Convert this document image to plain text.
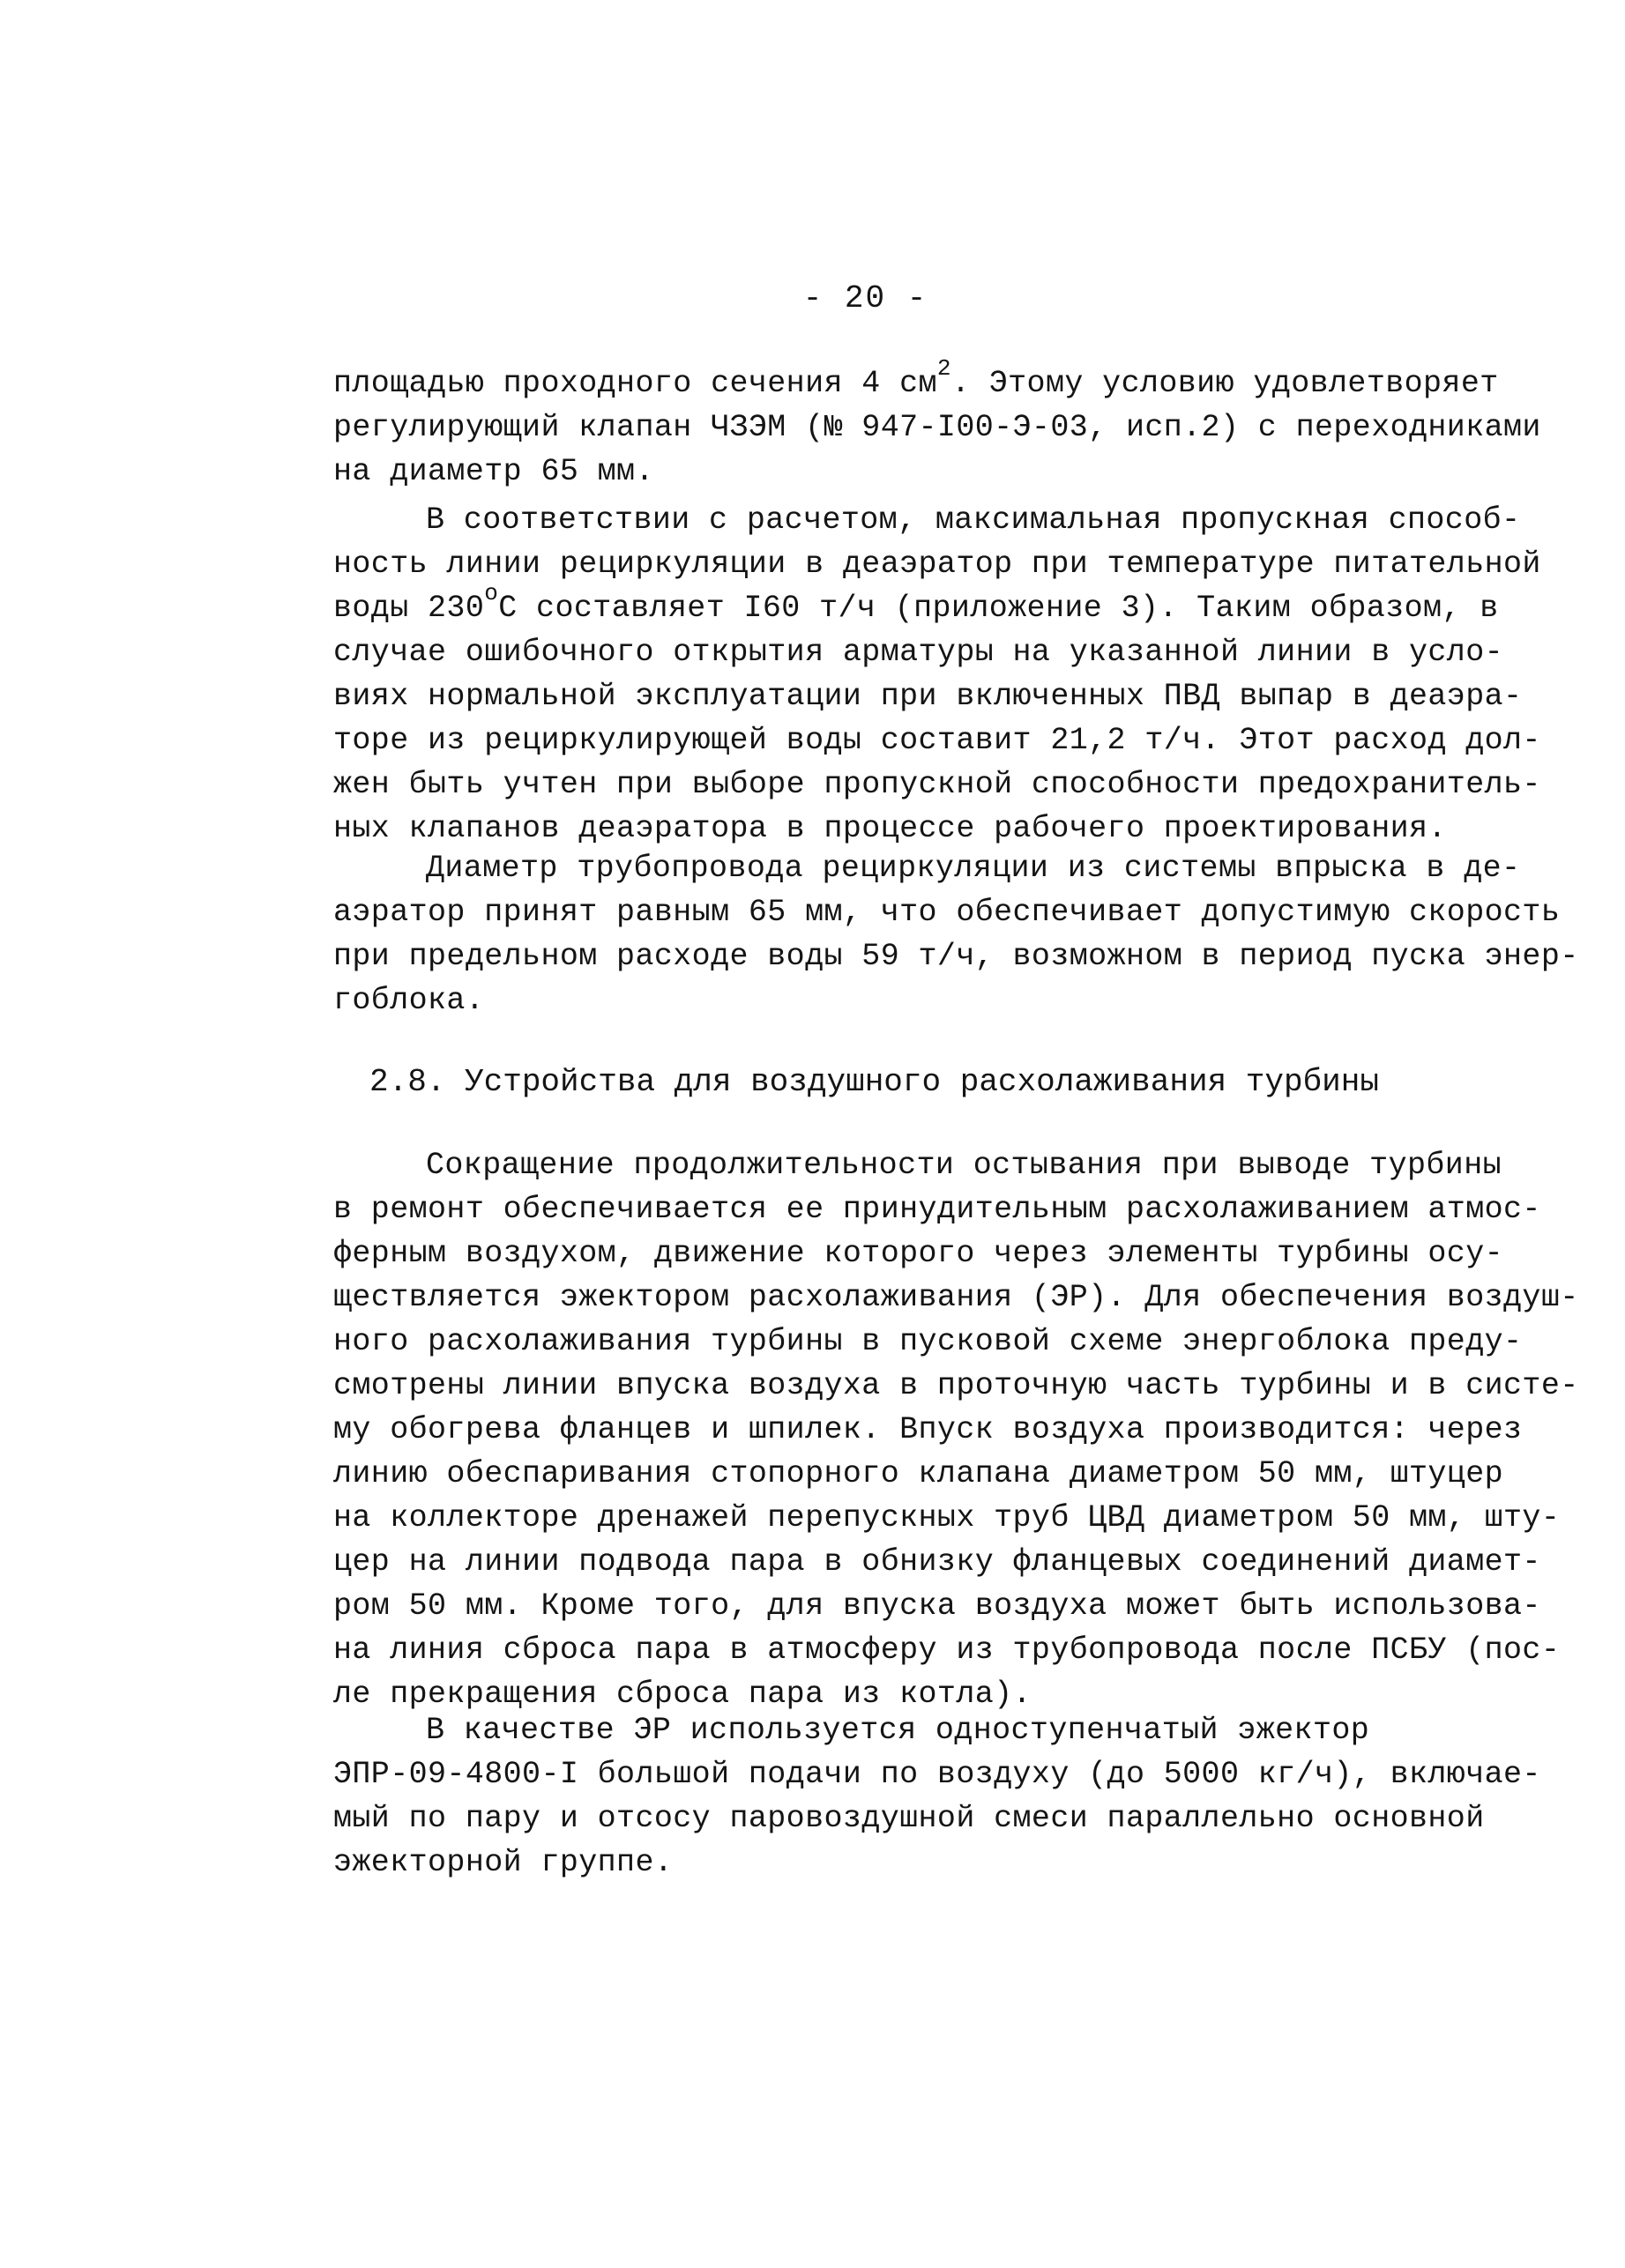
- 20 -
площадью проходного сечения 4 $см^2$. Этому условию удовлетворяет
регулирующий клапан ЧЗЭМ (№ 947-I00-Э-03, исп.2) с переходниками
на диаметр 65 мм.
В соответствии с расчетом, максимальная пропускная способ-
ность линии рециркуляции в деаэратор при температуре питательной
воды 230$^o$С составляет I60 т/ч (приложение 3). Таким образом, в
случае ошибочного открытия арматуры на указанной линии в усло-
виях нормальной эксплуатации при включенных ПВД выпар в деаэра-
торе из рециркулирующей воды составит 21,2 т/ч. Этот расход дол-
жен быть учтен при выборе пропускной способности предохранитель-
ных клапанов деаэратора в процессе рабочего проектирования.
Диаметр трубопровода рециркуляции из системы впрыска в де-
аэратор принят равным 65 мм, что обеспечивает допустимую скорость
при предельном расходе воды 59 т/ч, возможном в период пуска энер-
гоблока.
2.8. Устройства для воздушного расхолаживания турбины
Сокращение продолжительности остывания при выводе турбины
в ремонт обеспечивается ее принудительным расхолаживанием атмос-
ферным воздухом, движение которого через элементы турбины осу-
ществляется эжектором расхолаживания (ЭР). Для обеспечения воздуш-
ного расхолаживания турбины в пусковой схеме энергоблока преду-
смотрены линии впуска воздуха в проточную часть турбины и в систе-
му обогрева фланцев и шпилек. Впуск воздуха производится: через
линию обеспаривания стопорного клапана диаметром 50 мм, штуцер
на коллекторе дренажей перепускных труб ЦВД диаметром 50 мм, шту-
цер на линии подвода пара в обнизку фланцевых соединений диамет-
ром 50 мм. Кроме того, для впуска воздуха может быть использова-
на линия сброса пара в атмосферу из трубопровода после ПСБУ (пос-
ле прекращения сброса пара из котла).
В качестве ЭР используется одноступенчатый эжектор
ЭПР-09-4800-I большой подачи по воздуху (до 5000 кг/ч), включае-
мый по пару и отсосу паровоздушной смеси параллельно основной
эжекторной группе.
